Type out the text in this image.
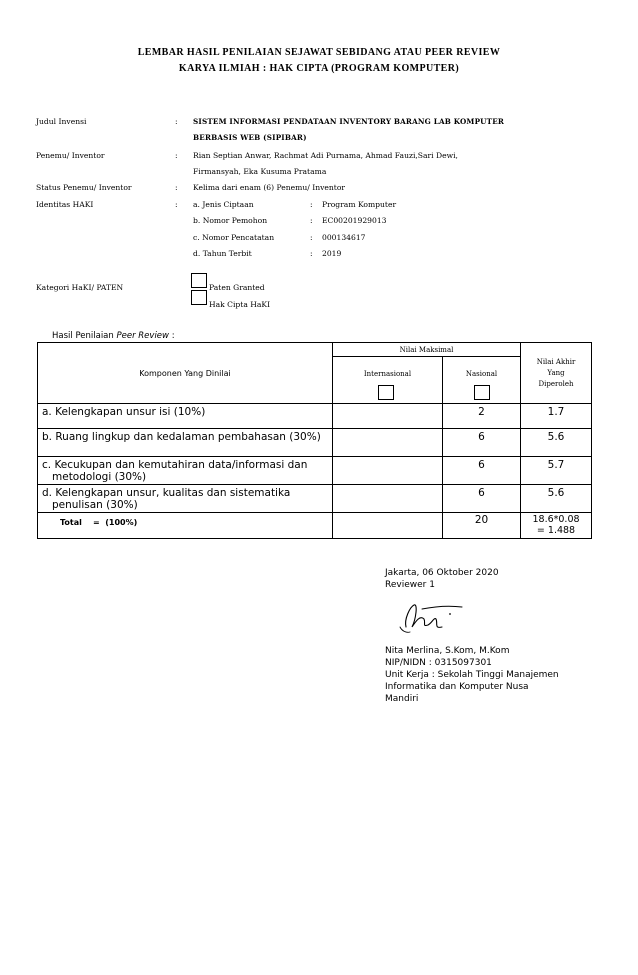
LEMBAR HASIL PENILAIAN SEJAWAT SEBIDANG ATAU PEER REVIEW
KARYA ILMIAH : HAK CIPTA (PROGRAM KOMPUTER)
Judul Invensi	: SISTEM INFORMASI PENDATAAN INVENTORY BARANG LAB KOMPUTER
BERBASIS WEB (SIPIBAR)
Penemu/ Inventor	: Rian Septian Anwar, Rachmat Adi Purnama, Ahmad Fauzi,Sari Dewi,
Firmansyah, Eka Kusuma Pratama
Status Penemu/ Inventor	: Kelima dari enam (6) Penemu/ Inventor
Identitas HAKI	: a. Jenis Ciptaan	: Program Komputer
b. Nomor Pemohon	: EC00201929013
c. Nomor Pencatatan	: 000134617
d. Tahun Terbit	: 2019
Kategori HaKI/ PATEN	Paten Granted
Hak Cipta HaKI
Hasil Penilaian Peer Review :
Komponen Yang Dinilai	Nilai Maksimal		Nilai Akhir Yang Diperoleh

	Internasional	Nasional	

a. Kelengkapan unsur isi (10%)		2	1.7
b. Ruang lingkup dan kedalaman pembahasan (30%)		6	5.6
c. Kecukupan dan kemutahiran data/informasi dan metodologi (30%)		6	5.7
d. Kelengkapan unsur, kualitas dan sistematika penulisan (30%)		6	5.6
Total    =  (100%)		20	18.6*0.08
= 1.488
Jakarta, 06 Oktober 2020
Reviewer 1
Nita Merlina, S.Kom, M.Kom
NIP/NIDN : 0315097301
Unit Kerja : Sekolah Tinggi Manajemen
Informatika dan Komputer Nusa
Mandiri
